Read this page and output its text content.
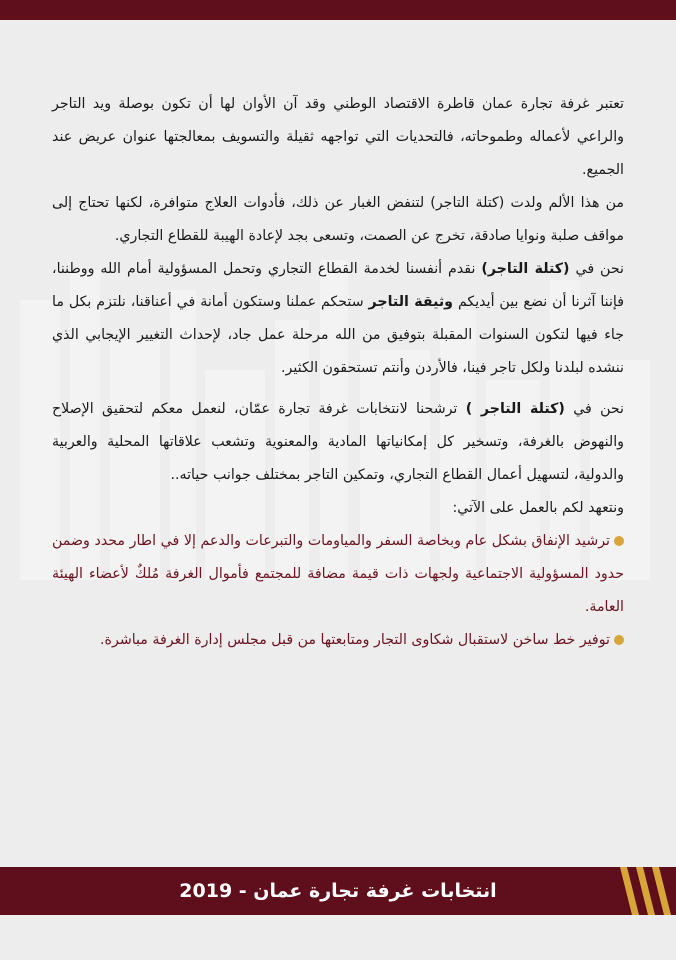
تعتبر غرفة تجارة عمان قاطرة الاقتصاد الوطني وقد آن الأوان لها أن تكون بوصلة ويد التاجر والراعي لأعماله وطموحاته، فالتحديات التي تواجهه ثقيلة والتسويف بمعالجتها عنوان عريض عند الجميع.

من هذا الألم ولدت (كتلة التاجر) لتنفض الغبار عن ذلك، فأدوات العلاج متوافرة، لكنها تحتاج إلى مواقف صلبة ونوايا صادقة، تخرج عن الصمت، وتسعى بجد لإعادة الهيبة للقطاع التجاري.

نحن في (كتلة التاجر) نقدم أنفسنا لخدمة القطاع التجاري وتحمل المسؤولية أمام الله ووطننا، فإننا آثرنا أن نضع بين أيديكم وثيقة التاجر ستحكم عملنا وستكون أمانة في أعناقنا، نلتزم بكل ما جاء فيها لتكون السنوات المقبلة بتوفيق من الله مرحلة عمل جاد، لإحداث التغيير الإيجابي الذي ننشده لبلدنا ولكل تاجر فينا، فالأردن وأنتم تستحقون الكثير.

نحن في (كتلة التاجر ) ترشحنا لانتخابات غرفة تجارة عمّان، لنعمل معكم لتحقيق الإصلاح والنهوض بالغرفة، وتسخير كل إمكانياتها المادية والمعنوية وتشعب علاقاتها المحلية والعربية والدولية، لتسهيل أعمال القطاع التجاري، وتمكين التاجر بمختلف جوانب حياته..

ونتعهد لكم بالعمل على الآتي:

ترشيد الإنفاق بشكل عام وبخاصة السفر والمياومات والتبرعات والدعم إلا في اطار محدد وضمن حدود المسؤولية الاجتماعية ولجهات ذات قيمة مضافة للمجتمع فأموال الغرفة مُلكٌ لأعضاء الهيئة العامة.

توفير خط ساخن لاستقبال شكاوى التجار ومتابعتها من قبل مجلس إدارة الغرفة مباشرة.

انتخابات غرفة تجارة عمان - 2019
